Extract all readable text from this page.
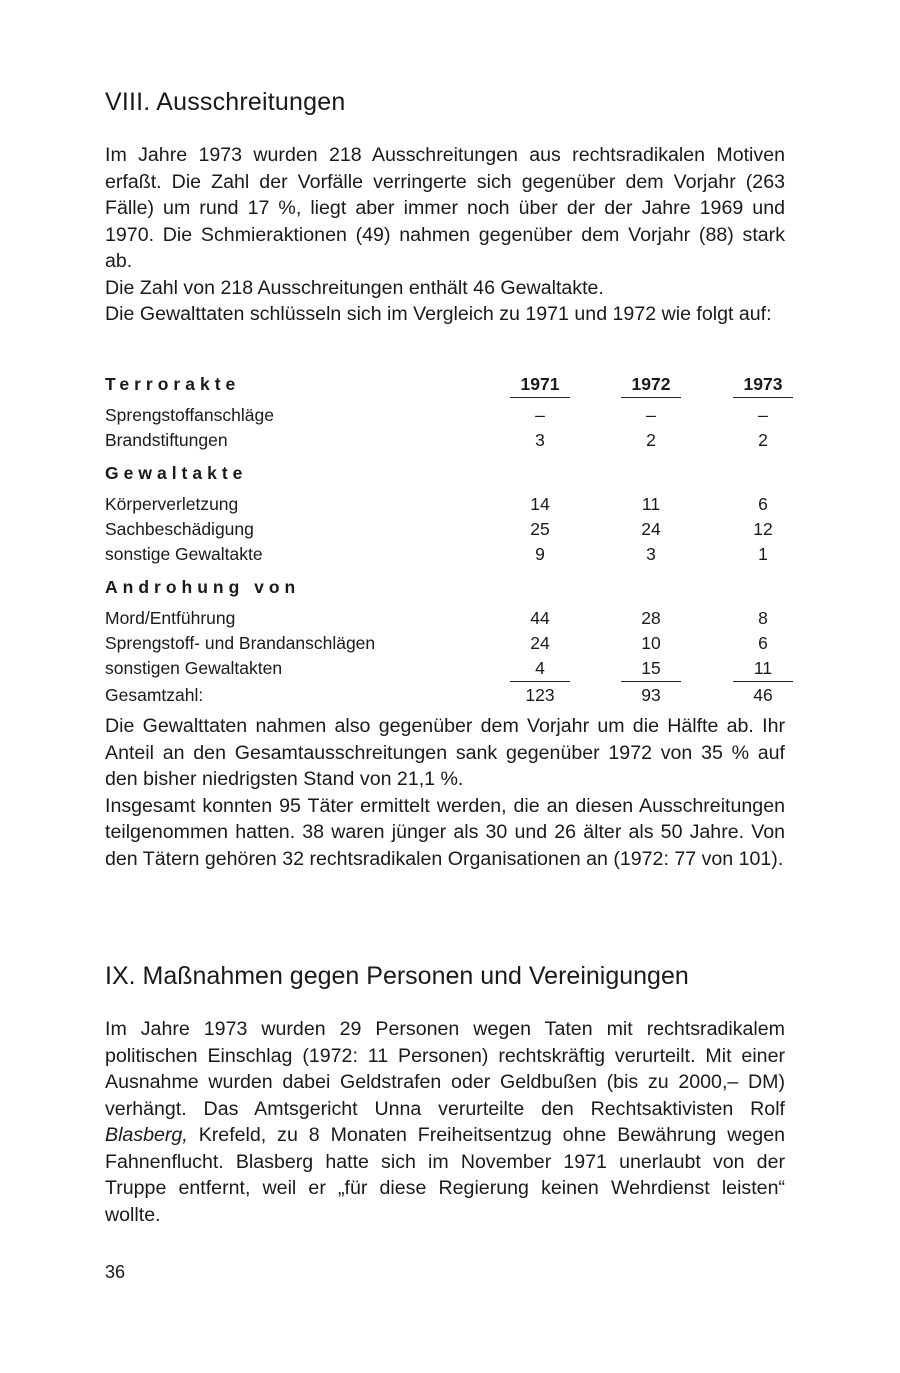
VIII. Ausschreitungen

Im Jahre 1973 wurden 218 Ausschreitungen aus rechtsradikalen Motiven erfaßt. Die Zahl der Vorfälle verringerte sich gegenüber dem Vorjahr (263 Fälle) um rund 17 %, liegt aber immer noch über der der Jahre 1969 und 1970. Die Schmieraktionen (49) nahmen gegenüber dem Vorjahr (88) stark ab.

Die Zahl von 218 Ausschreitungen enthält 46 Gewaltakte.

Die Gewalttaten schlüsseln sich im Vergleich zu 1971 und 1972 wie folgt auf:

Terrorakte	1971	1972	1973
Sprengstoffanschläge	–	–	–
Brandstiftungen	3	2	2
Gewaltakte
Körperverletzung	14	11	6
Sachbeschädigung	25	24	12
sonstige Gewaltakte	9	3	1
Androhung von
Mord/Entführung	44	28	8
Sprengstoff- und Brandanschlägen	24	10	6
sonstigen Gewaltakten	4	15	11
Gesamtzahl:	123	93	46

Die Gewalttaten nahmen also gegenüber dem Vorjahr um die Hälfte ab. Ihr Anteil an den Gesamtausschreitungen sank gegenüber 1972 von 35 % auf den bisher niedrigsten Stand von 21,1 %.

Insgesamt konnten 95 Täter ermittelt werden, die an diesen Ausschreitungen teilgenommen hatten. 38 waren jünger als 30 und 26 älter als 50 Jahre. Von den Tätern gehören 32 rechtsradikalen Organisationen an (1972: 77 von 101).

IX. Maßnahmen gegen Personen und Vereinigungen

Im Jahre 1973 wurden 29 Personen wegen Taten mit rechtsradikalem politischen Einschlag (1972: 11 Personen) rechtskräftig verurteilt. Mit einer Ausnahme wurden dabei Geldstrafen oder Geldbußen (bis zu 2000,– DM) verhängt. Das Amtsgericht Unna verurteilte den Rechtsaktivisten Rolf Blasberg, Krefeld, zu 8 Monaten Freiheitsentzug ohne Bewährung wegen Fahnenflucht. Blasberg hatte sich im November 1971 unerlaubt von der Truppe entfernt, weil er „für diese Regierung keinen Wehrdienst leisten“ wollte.

36
